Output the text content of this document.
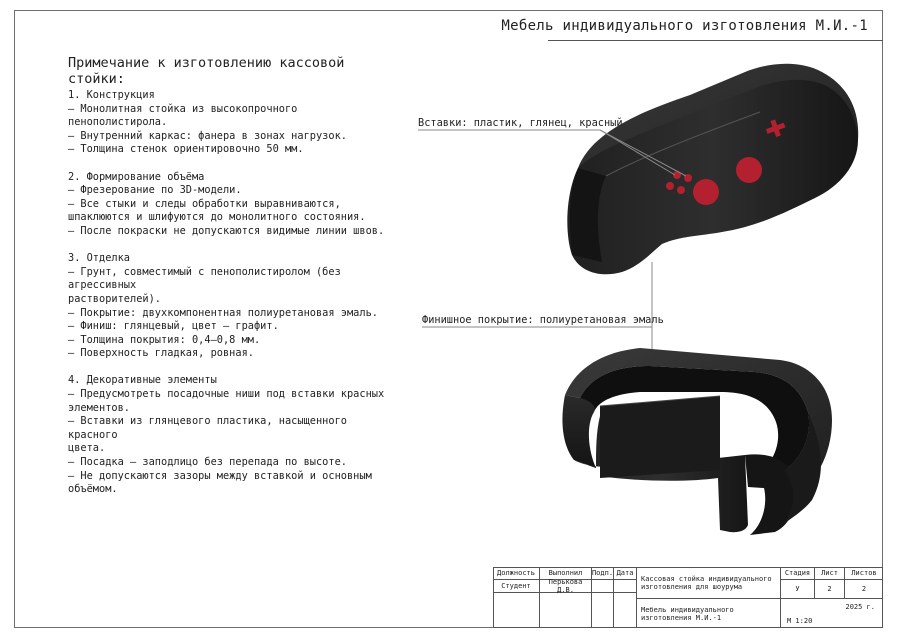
Мебель индивидуального изготовления М.И.-1
Примечание к изготовлению кассовой стойки:
1. Конструкция
– Монолитная стойка из высокопрочного пенополистирола.
– Внутренний каркас: фанера в зонах нагрузок.
– Толщина стенок ориентировочно 50 мм.
2. Формирование объёма
– Фрезерование по 3D-модели.
– Все стыки и следы обработки выравниваются,
шпаклюются и шлифуются до монолитного состояния.
– После покраски не допускаются видимые линии швов.
3. Отделка
– Грунт, совместимый с пенополистиролом (без агрессивных
растворителей).
– Покрытие: двухкомпонентная полиуретановая эмаль.
– Финиш: глянцевый, цвет — графит.
– Толщина покрытия: 0,4–0,8 мм.
– Поверхность гладкая, ровная.
4. Декоративные элементы
– Предусмотреть посадочные ниши под вставки красных
элементов.
– Вставки из глянцевого пластика, насыщенного красного
цвета.
– Посадка — заподлицо без перепада по высоте.
– Не допускаются зазоры между вставкой и основным
объёмом.
Вставки: пластик, глянец, красный
Финишное покрытие: полиуретановая эмаль
Должность	Выполнил	Подп. Дата
Студент	Перькова Д.В.
Кассовая стойка индивидуального изготовления для шоурума
Стадия	Лист	Листов
У	2	2
Мебель индивидуального изготовления М.И.-1
2025 г.
М 1:20
